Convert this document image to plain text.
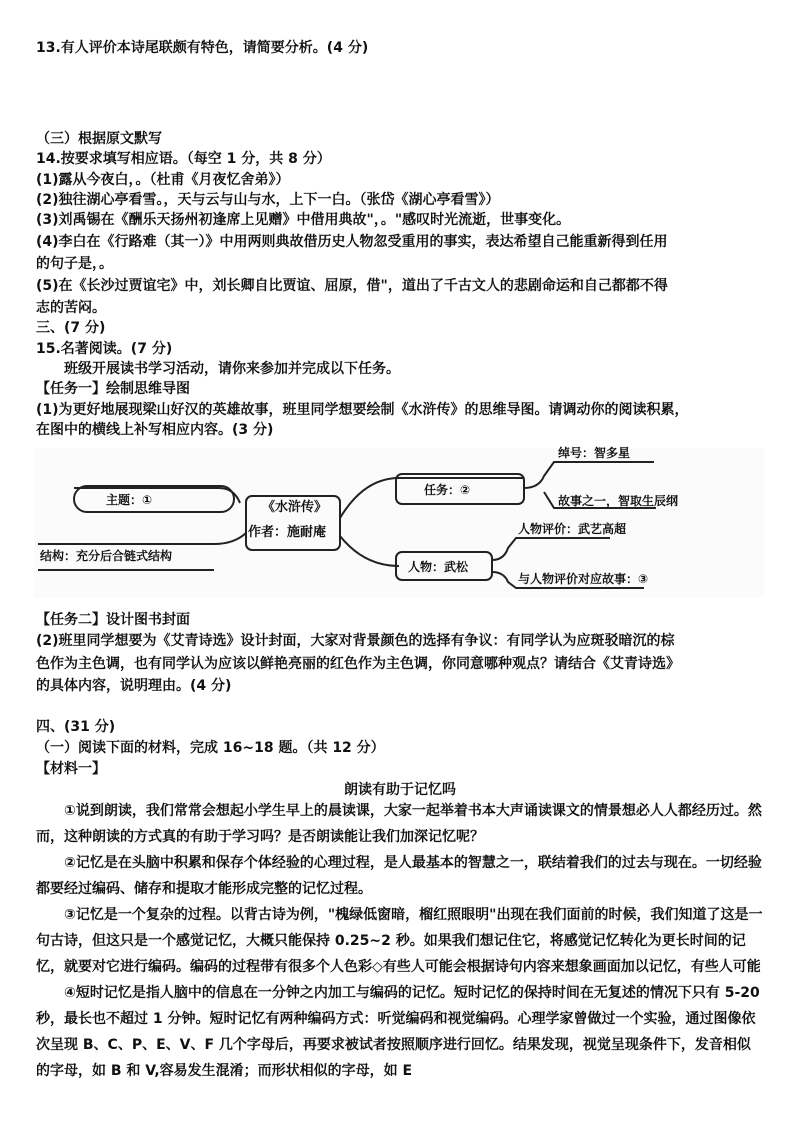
13.有人评价本诗尾联颇有特色，请简要分析。(4 分)
（三）根据原文默写
14.按要求填写相应语。（每空 1 分，共 8 分）
(1)露从今夜白，。（杜甫《月夜忆舍弟》）
(2)独往湖心亭看雪。，天与云与山与水，上下一白。（张岱《湖心亭看雪》）
(3)刘禹锡在《酬乐天扬州初逢席上见赠》中借用典故"，。"感叹时光流逝，世事变化。
(4)李白在《行路难（其一）》中用两则典故借历史人物忽受重用的事实，表达希望自己能重新得到任用
的句子是，。
(5)在《长沙过贾谊宅》中，刘长卿自比贾谊、屈原，借"，道出了千古文人的悲剧命运和自己都都不得
志的苦闷。
三、(7 分)
15.名著阅读。(7 分)
班级开展读书学习活动，请你来参加并完成以下任务。
【任务一】绘制思维导图
(1)为更好地展现梁山好汉的英雄故事，班里同学想要绘制《水浒传》的思维导图。请调动你的阅读积累，
在图中的横线上补写相应内容。(3 分)
主题：①
结构：充分后合链式结构
《水浒传》
作者：施耐庵
任务：②
绰号：智多星
故事之一，智取生辰纲
人物：武松
人物评价：武艺高超
与人物评价对应故事：③
【任务二】设计图书封面
(2)班里同学想要为《艾青诗选》设计封面，大家对背景颜色的选择有争议：有同学认为应斑驳暗沉的棕
色作为主色调，也有同学认为应该以鲜艳亮丽的红色作为主色调，你同意哪种观点？请结合《艾青诗选》
的具体内容，说明理由。(4 分)
四、(31 分)
（一）阅读下面的材料，完成 16~18 题。（共 12 分）
【材料一】
朗读有助于记忆吗
①说到朗读，我们常常会想起小学生早上的晨读课，大家一起举着书本大声诵读课文的情景想必人人都经历过。然而，这种朗读的方式真的有助于学习吗？是否朗读能让我们加深记忆呢？
②记忆是在头脑中积累和保存个体经验的心理过程，是人最基本的智慧之一，联结着我们的过去与现在。一切经验都要经过编码、储存和提取才能形成完整的记忆过程。
③记忆是一个复杂的过程。以背古诗为例，"槐绿低窗暗，榴红照眼明"出现在我们面前的时候，我们知道了这是一句古诗，但这只是一个感觉记忆，大概只能保持 0.25~2 秒。如果我们想记住它，将感觉记忆转化为更长时间的记忆，就要对它进行编码。编码的过程带有很多个人色彩◇有些人可能会根据诗句内容来想象画面加以记忆，有些人可能
④短时记忆是指人脑中的信息在一分钟之内加工与编码的记忆。短时记忆的保持时间在无复述的情况下只有 5-20 秒，最长也不超过 1 分钟。短时记忆有两种编码方式：听觉编码和视觉编码。心理学家曾做过一个实验，通过图像依次呈现 B、C、P、E、V、F 几个字母后，再要求被试者按照顺序进行回忆。结果发现，视觉呈现条件下，发音相似的字母，如 B 和 V,容易发生混淆；而形状相似的字母，如 E
